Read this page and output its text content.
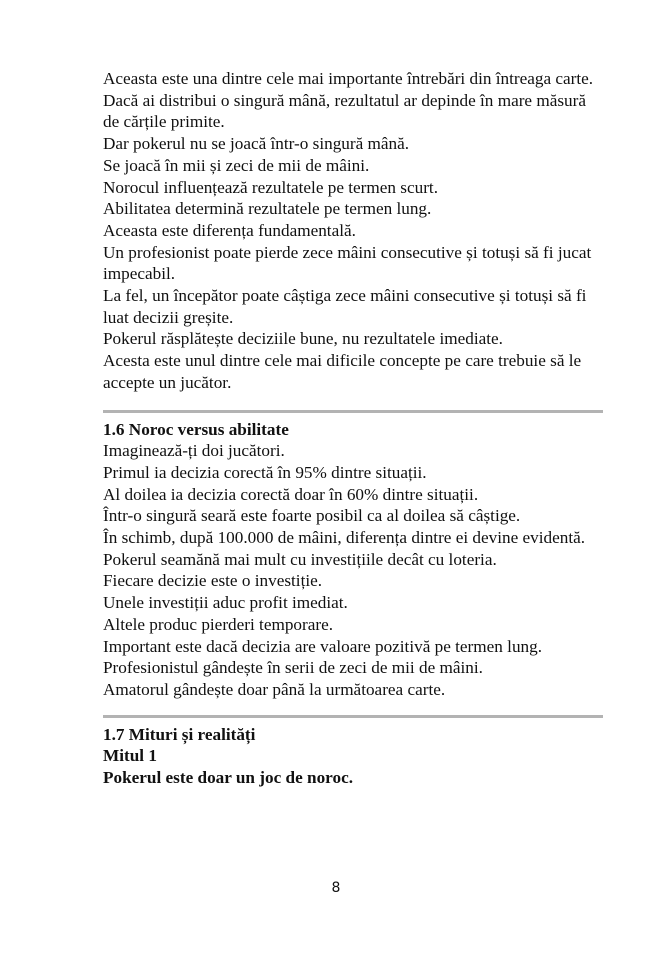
Aceasta este una dintre cele mai importante întrebări din întreaga carte.

Dacă ai distribui o singură mână, rezultatul ar depinde în mare măsură de cărțile primite.

Dar pokerul nu se joacă într-o singură mână.

Se joacă în mii și zeci de mii de mâini.

Norocul influențează rezultatele pe termen scurt.

Abilitatea determină rezultatele pe termen lung.

Aceasta este diferența fundamentală.

Un profesionist poate pierde zece mâini consecutive și totuși să fi jucat impecabil.

La fel, un începător poate câștiga zece mâini consecutive și totuși să fi luat decizii greșite.

Pokerul răsplătește deciziile bune, nu rezultatele imediate.

Acesta este unul dintre cele mai dificile concepte pe care trebuie să le accepte un jucător.

1.6 Noroc versus abilitate

Imaginează-ți doi jucători.

Primul ia decizia corectă în 95% dintre situații.

Al doilea ia decizia corectă doar în 60% dintre situații.

Într-o singură seară este foarte posibil ca al doilea să câștige.

În schimb, după 100.000 de mâini, diferența dintre ei devine evidentă.

Pokerul seamănă mai mult cu investițiile decât cu loteria.

Fiecare decizie este o investiție.

Unele investiții aduc profit imediat.

Altele produc pierderi temporare.

Important este dacă decizia are valoare pozitivă pe termen lung.

Profesionistul gândește în serii de zeci de mii de mâini.

Amatorul gândește doar până la următoarea carte.

1.7 Mituri și realități

Mitul 1

Pokerul este doar un joc de noroc.

8
